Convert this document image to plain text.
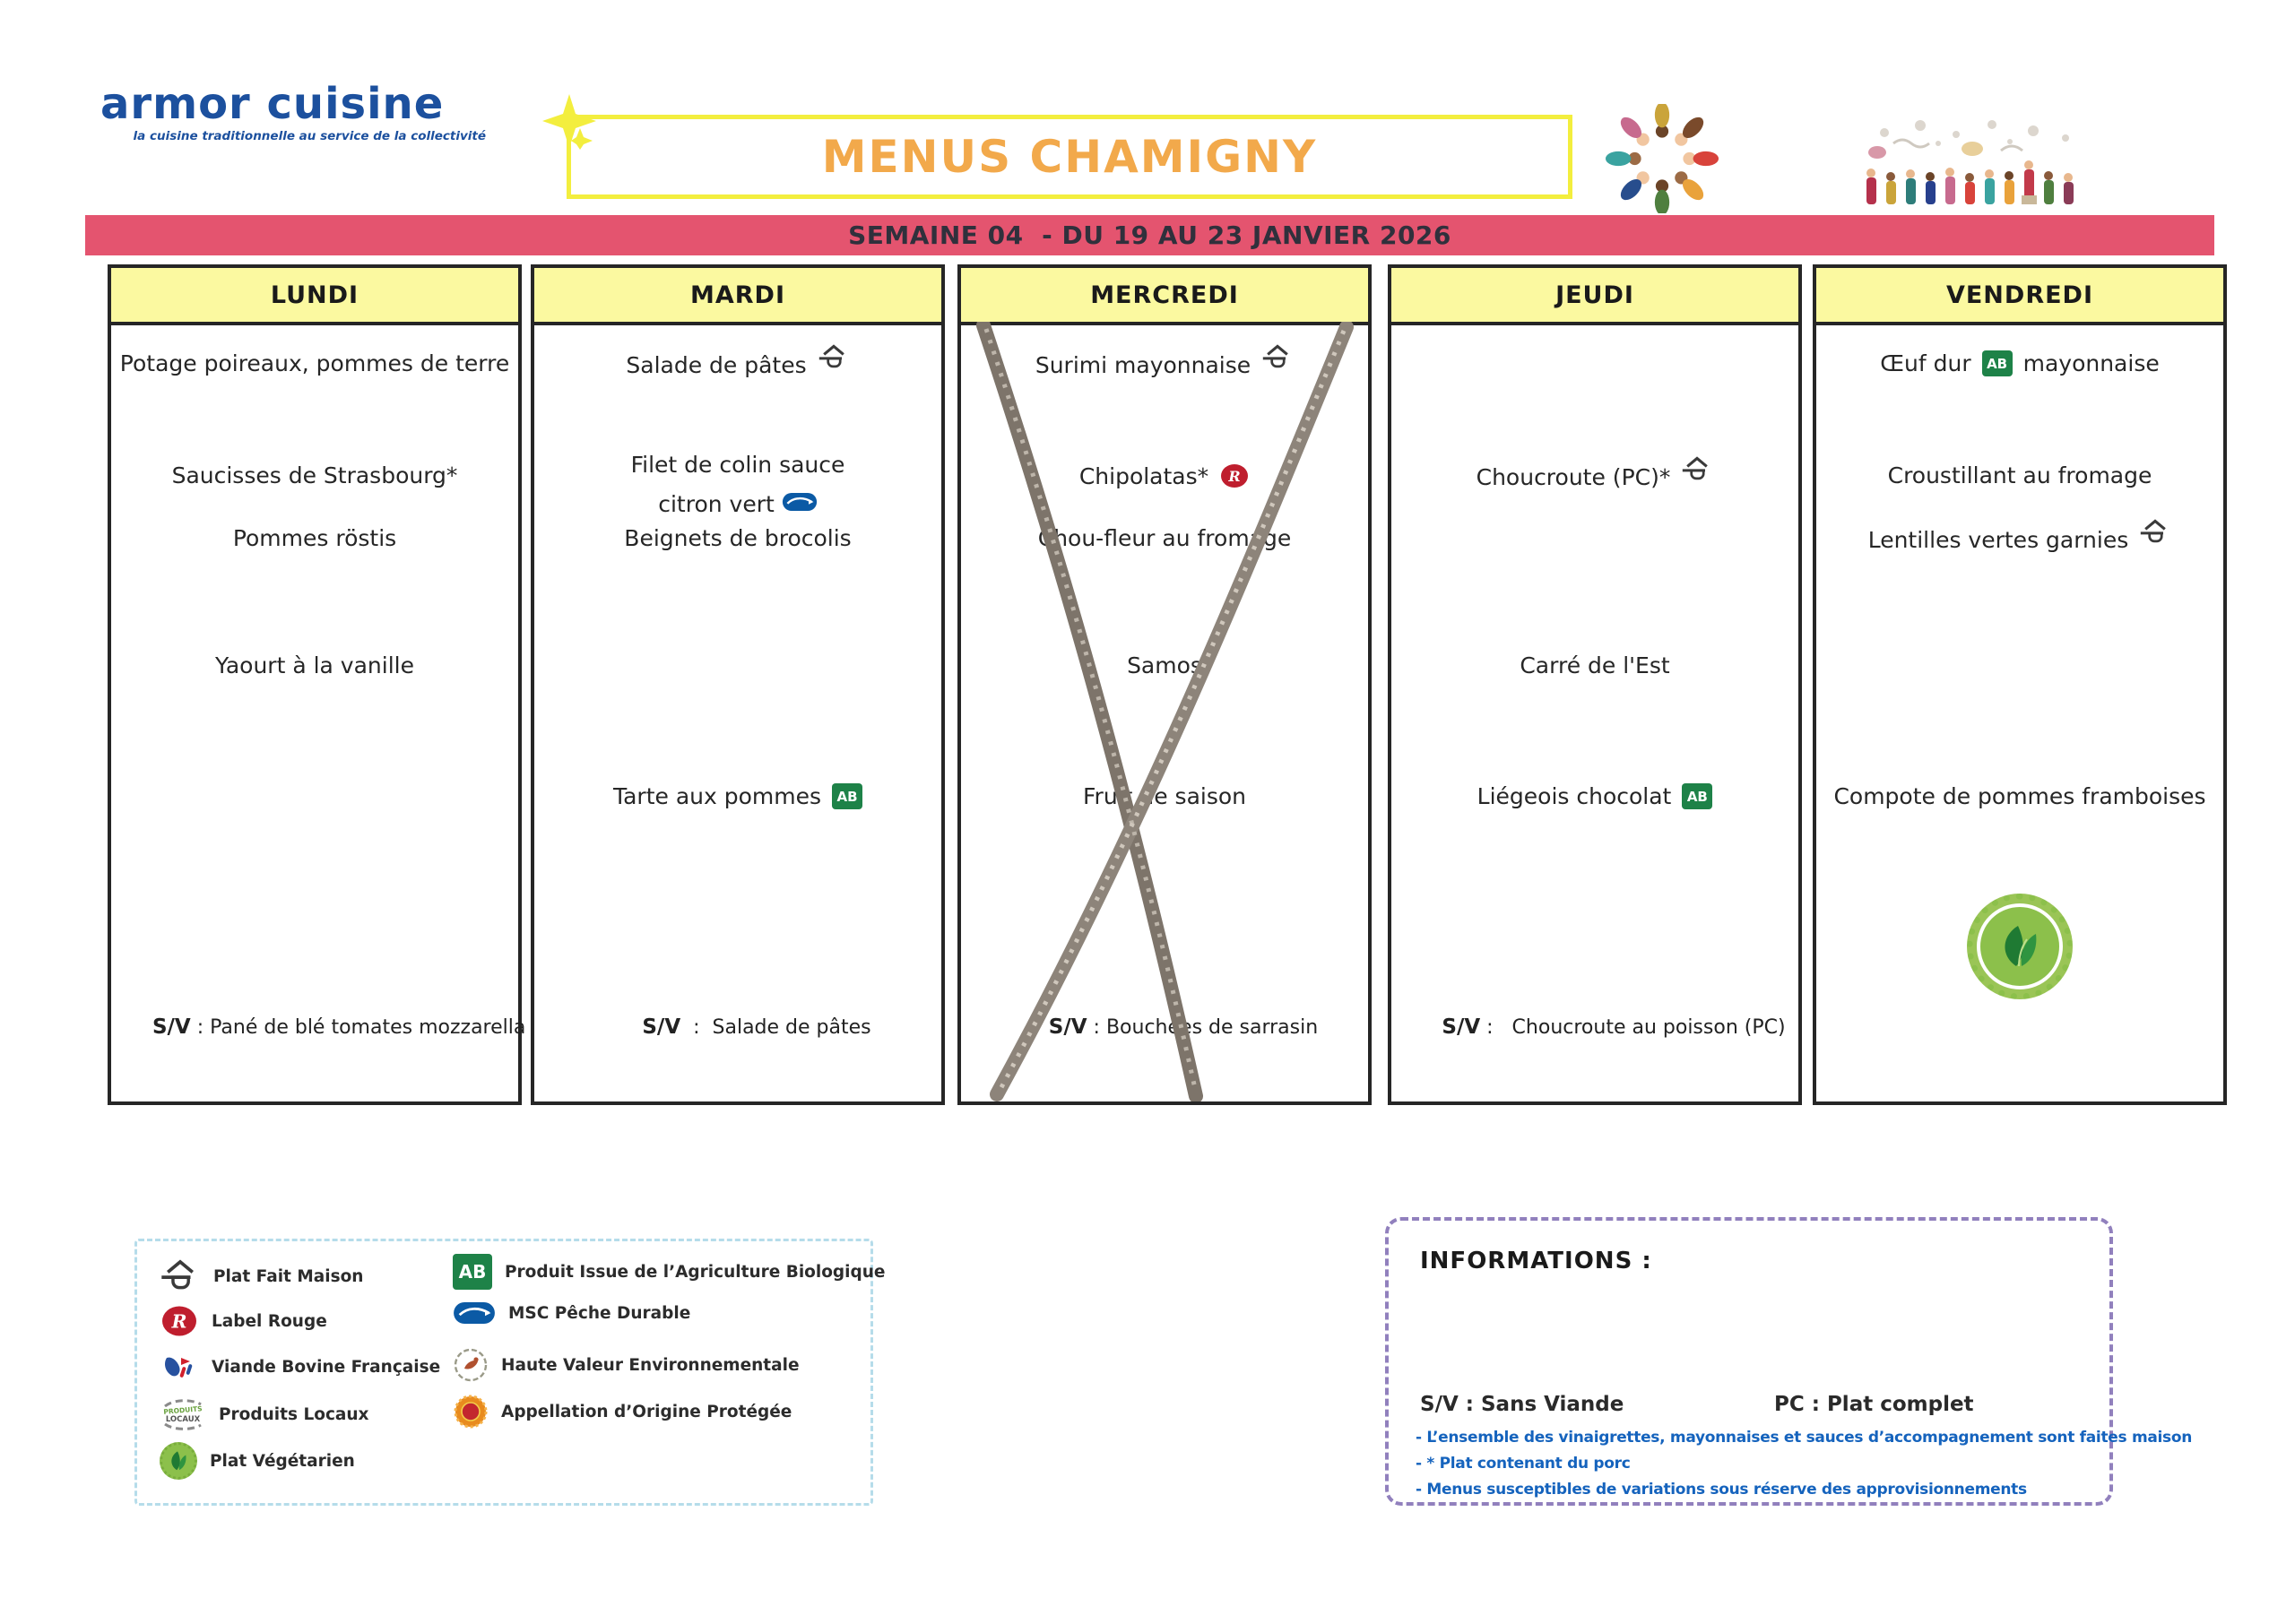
armor cuisine
la cuisine traditionnelle au service de la collectivité	MENUS CHAMIGNY
SEMAINE 04  - DU 19 AU 23 JANVIER 2026
LUNDI
Potage poireaux, pommes de terre
Saucisses de Strasbourg*
Pommes röstis
Yaourt à la vanille

S/V : Pané de blé tomates mozzarella

MARDI
Salade de pâtes
Filet de colin sauce
citron vert
Beignets de brocolis
Tarte aux pommes	AB

S/V  :  Salade de pâtes

MERCREDI
Surimi mayonnaise
Chipolatas* R
Chou-fleur au fromage
Samos
Fruit de saison

S/V : Bouchées de sarrasin

JEUDI
Choucroute (PC)*
Carré de l'Est
Liégeois chocolat	AB

S/V :   Choucroute au poisson (PC)

VENDREDI
Œuf dur	AB mayonnaise
Croustillant au fromage
Lentilles vertes garnies
Compote de pommes framboises
Plat Fait Maison
R Label Rouge
Viande Bovine Française
PRODUITS
LOCAUX Produits Locaux
Plat Végétarien
AB	Produit Issue de l’Agriculture Biologique
MSC Pêche Durable
Haute Valeur Environnementale
Appellation d’Origine Protégée
INFORMATIONS :
S/V : Sans Viande	PC : Plat complet
- L’ensemble des vinaigrettes, mayonnaises et sauces d’accompagnement sont faites maison
- * Plat contenant du porc
- Menus susceptibles de variations sous réserve des approvisionnements
